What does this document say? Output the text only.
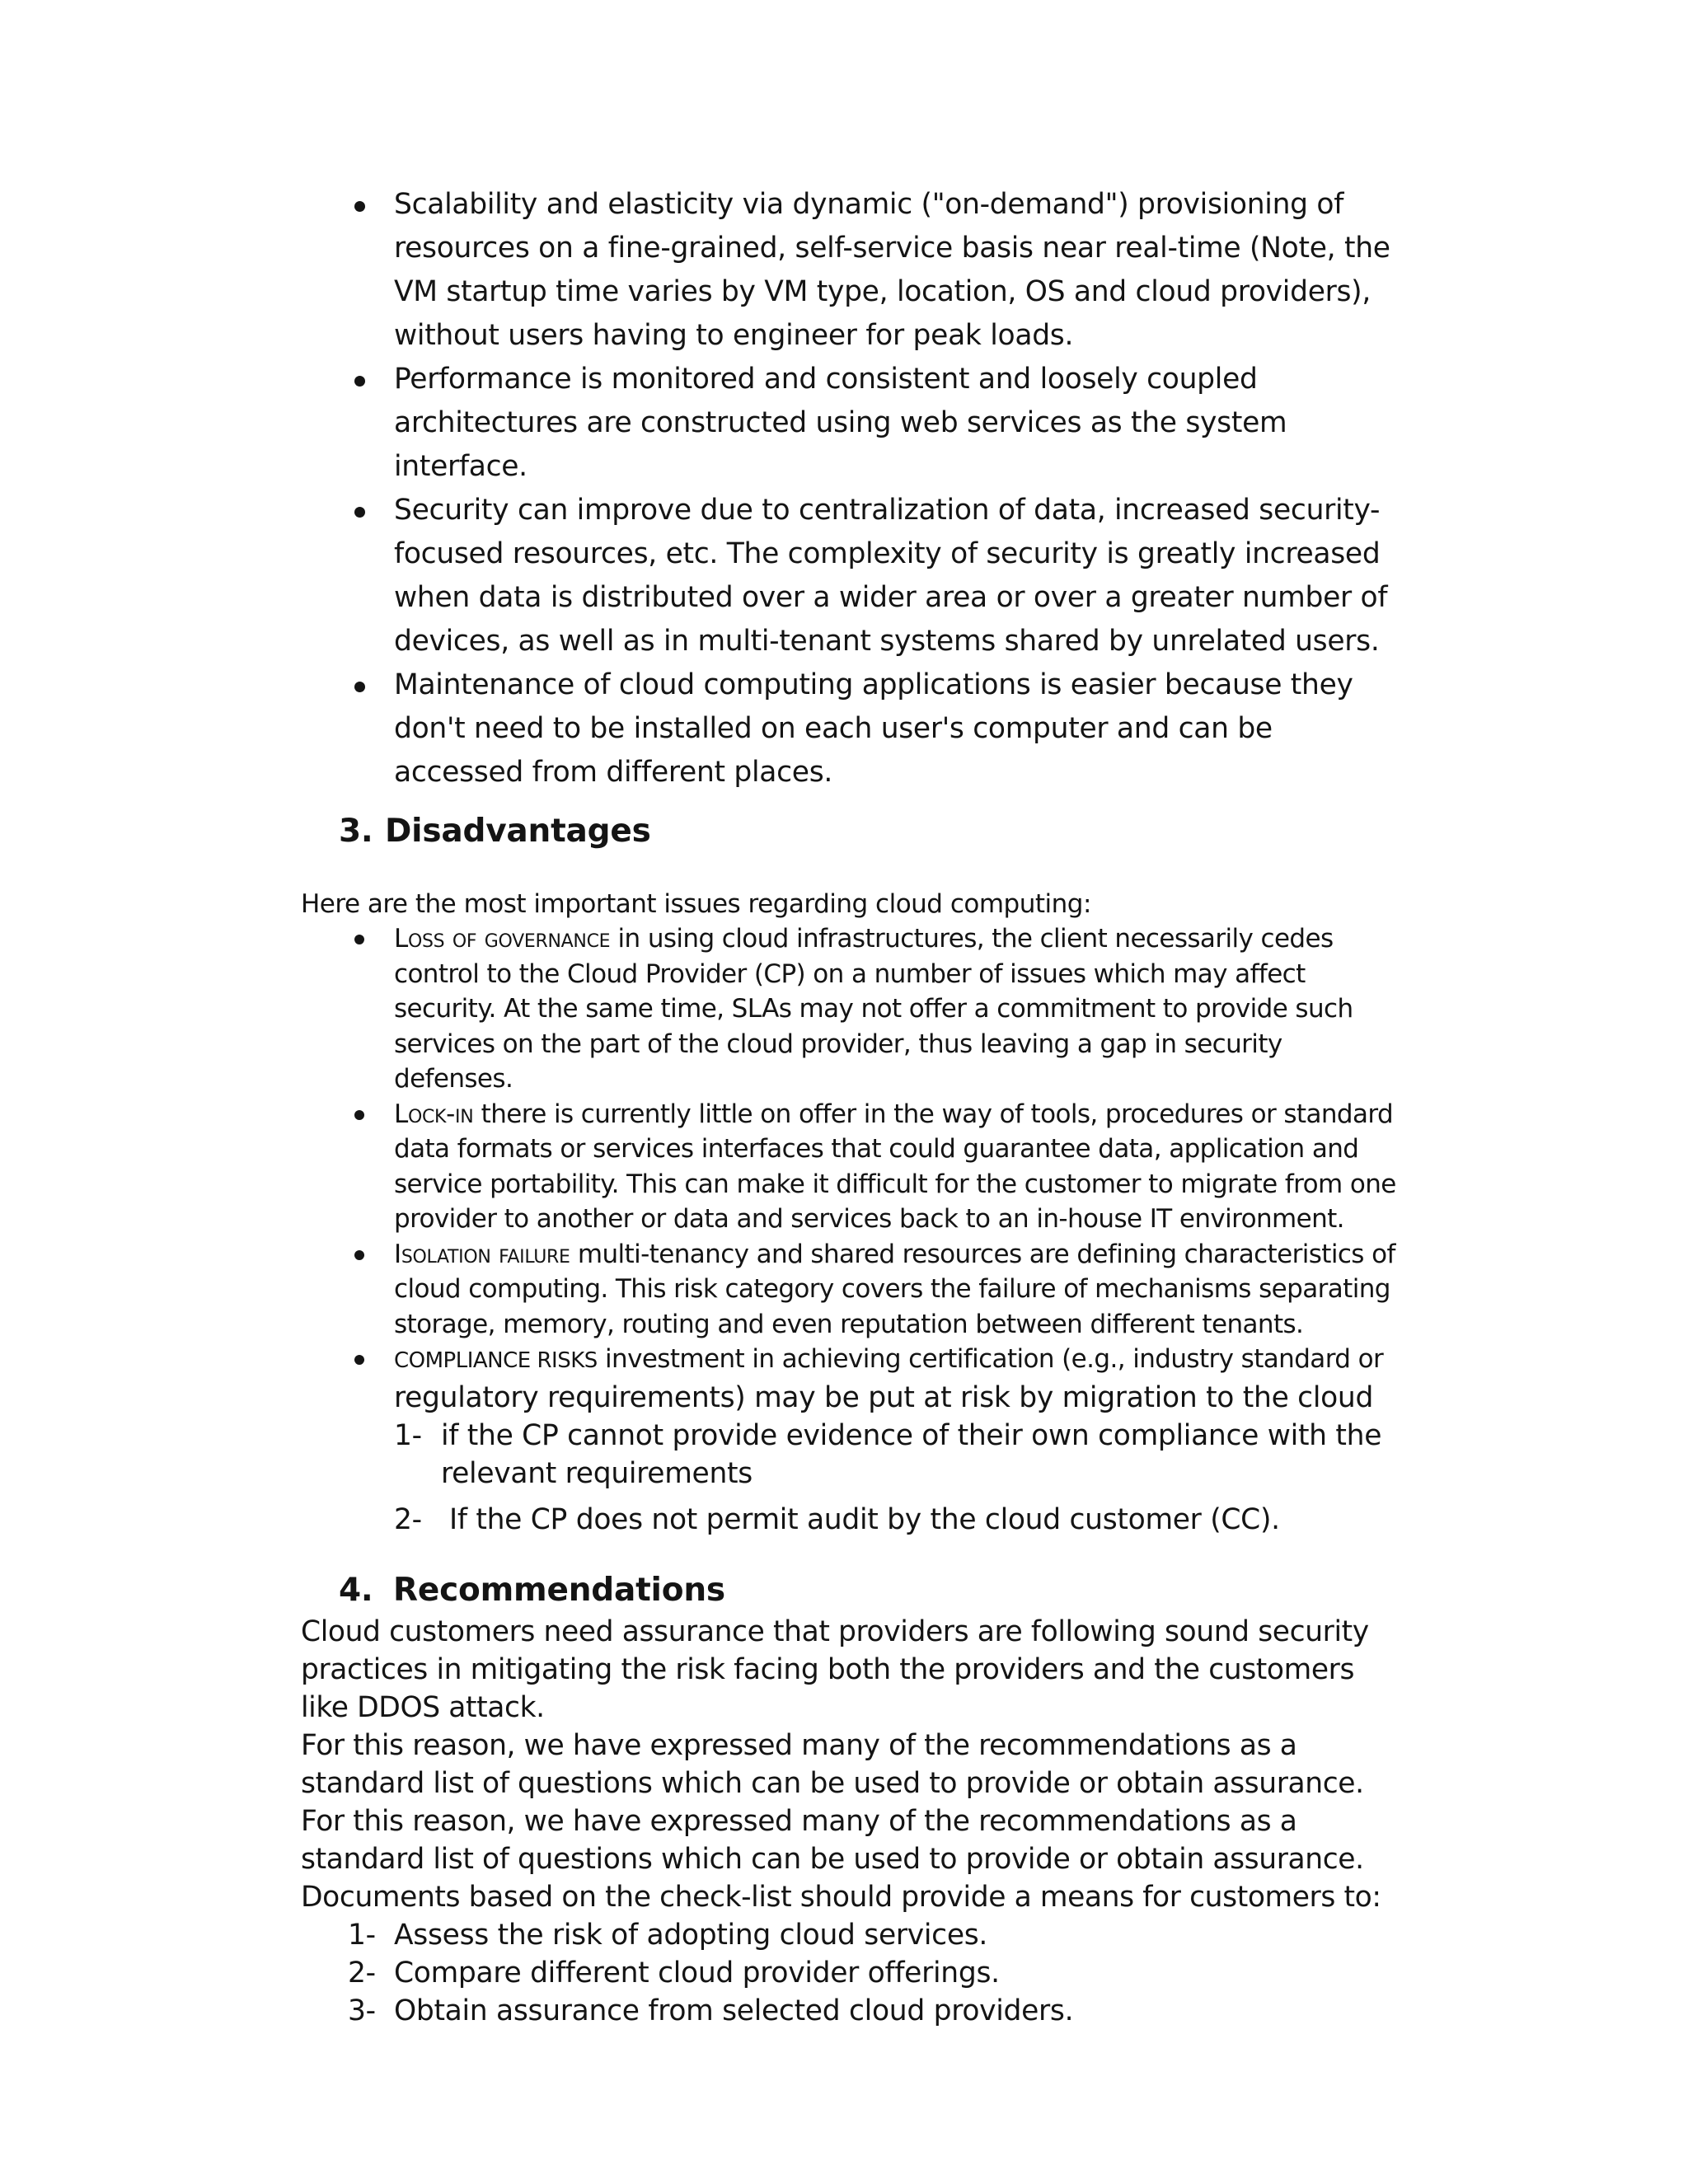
Scalability and elasticity via dynamic ("on-demand") provisioning of resources on a fine-grained, self-service basis near real-time (Note, the VM startup time varies by VM type, location, OS and cloud providers), without users having to engineer for peak loads.
Performance is monitored and consistent and loosely coupled architectures are constructed using web services as the system interface.
Security can improve due to centralization of data, increased security-focused resources, etc. The complexity of security is greatly increased when data is distributed over a wider area or over a greater number of devices, as well as in multi-tenant systems shared by unrelated users.
Maintenance of cloud computing applications is easier because they don't need to be installed on each user's computer and can be accessed from different places.
3. Disadvantages

Here are the most important issues regarding cloud computing:

Loss of governance in using cloud infrastructures, the client necessarily cedes control to the Cloud Provider (CP) on a number of issues which may affect security. At the same time, SLAs may not offer a commitment to provide such services on the part of the cloud provider, thus leaving a gap in security defenses.
Lock-in there is currently little on offer in the way of tools, procedures or standard data formats or services interfaces that could guarantee data, application and service portability. This can make it difficult for the customer to migrate from one provider to another or data and services back to an in-house IT environment.
Isolation failure multi-tenancy and shared resources are defining characteristics of cloud computing. This risk category covers the failure of mechanisms separating storage, memory, routing and even reputation between different tenants.
COMPLIANCE RISKS investment in achieving certification (e.g., industry standard or
regulatory requirements) may be put at risk by migration to the cloud
1- if the CP cannot provide evidence of their own compliance with the relevant requirements
2- If the CP does not permit audit by the cloud customer (CC).
4. Recommendations

Cloud customers need assurance that providers are following sound security practices in mitigating the risk facing both the providers and the customers like DDOS attack.

For this reason, we have expressed many of the recommendations as a standard list of questions which can be used to provide or obtain assurance. For this reason, we have expressed many of the recommendations as a standard list of questions which can be used to provide or obtain assurance.

Documents based on the check-list should provide a means for customers to:

1- Assess the risk of adopting cloud services.
2- Compare different cloud provider offerings.
3- Obtain assurance from selected cloud providers.
